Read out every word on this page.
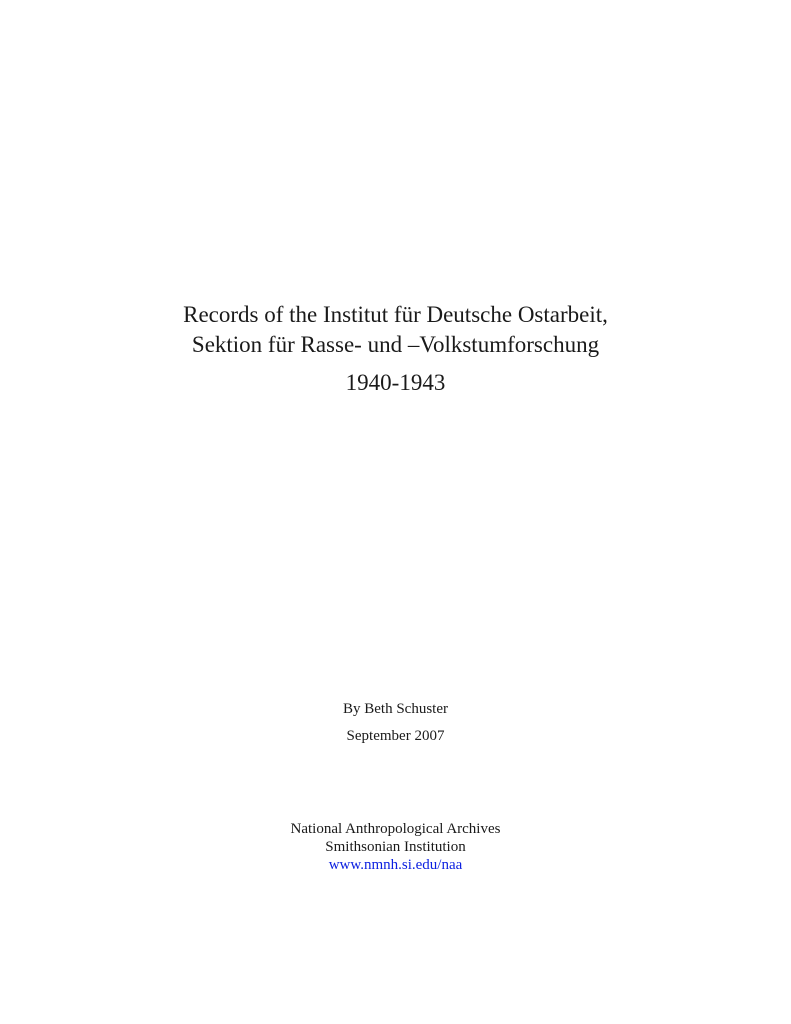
Records of the Institut für Deutsche Ostarbeit,
Sektion für Rasse- und –Volkstumforschung
1940-1943
By Beth Schuster
September 2007
National Anthropological Archives
Smithsonian Institution
www.nmnh.si.edu/naa
